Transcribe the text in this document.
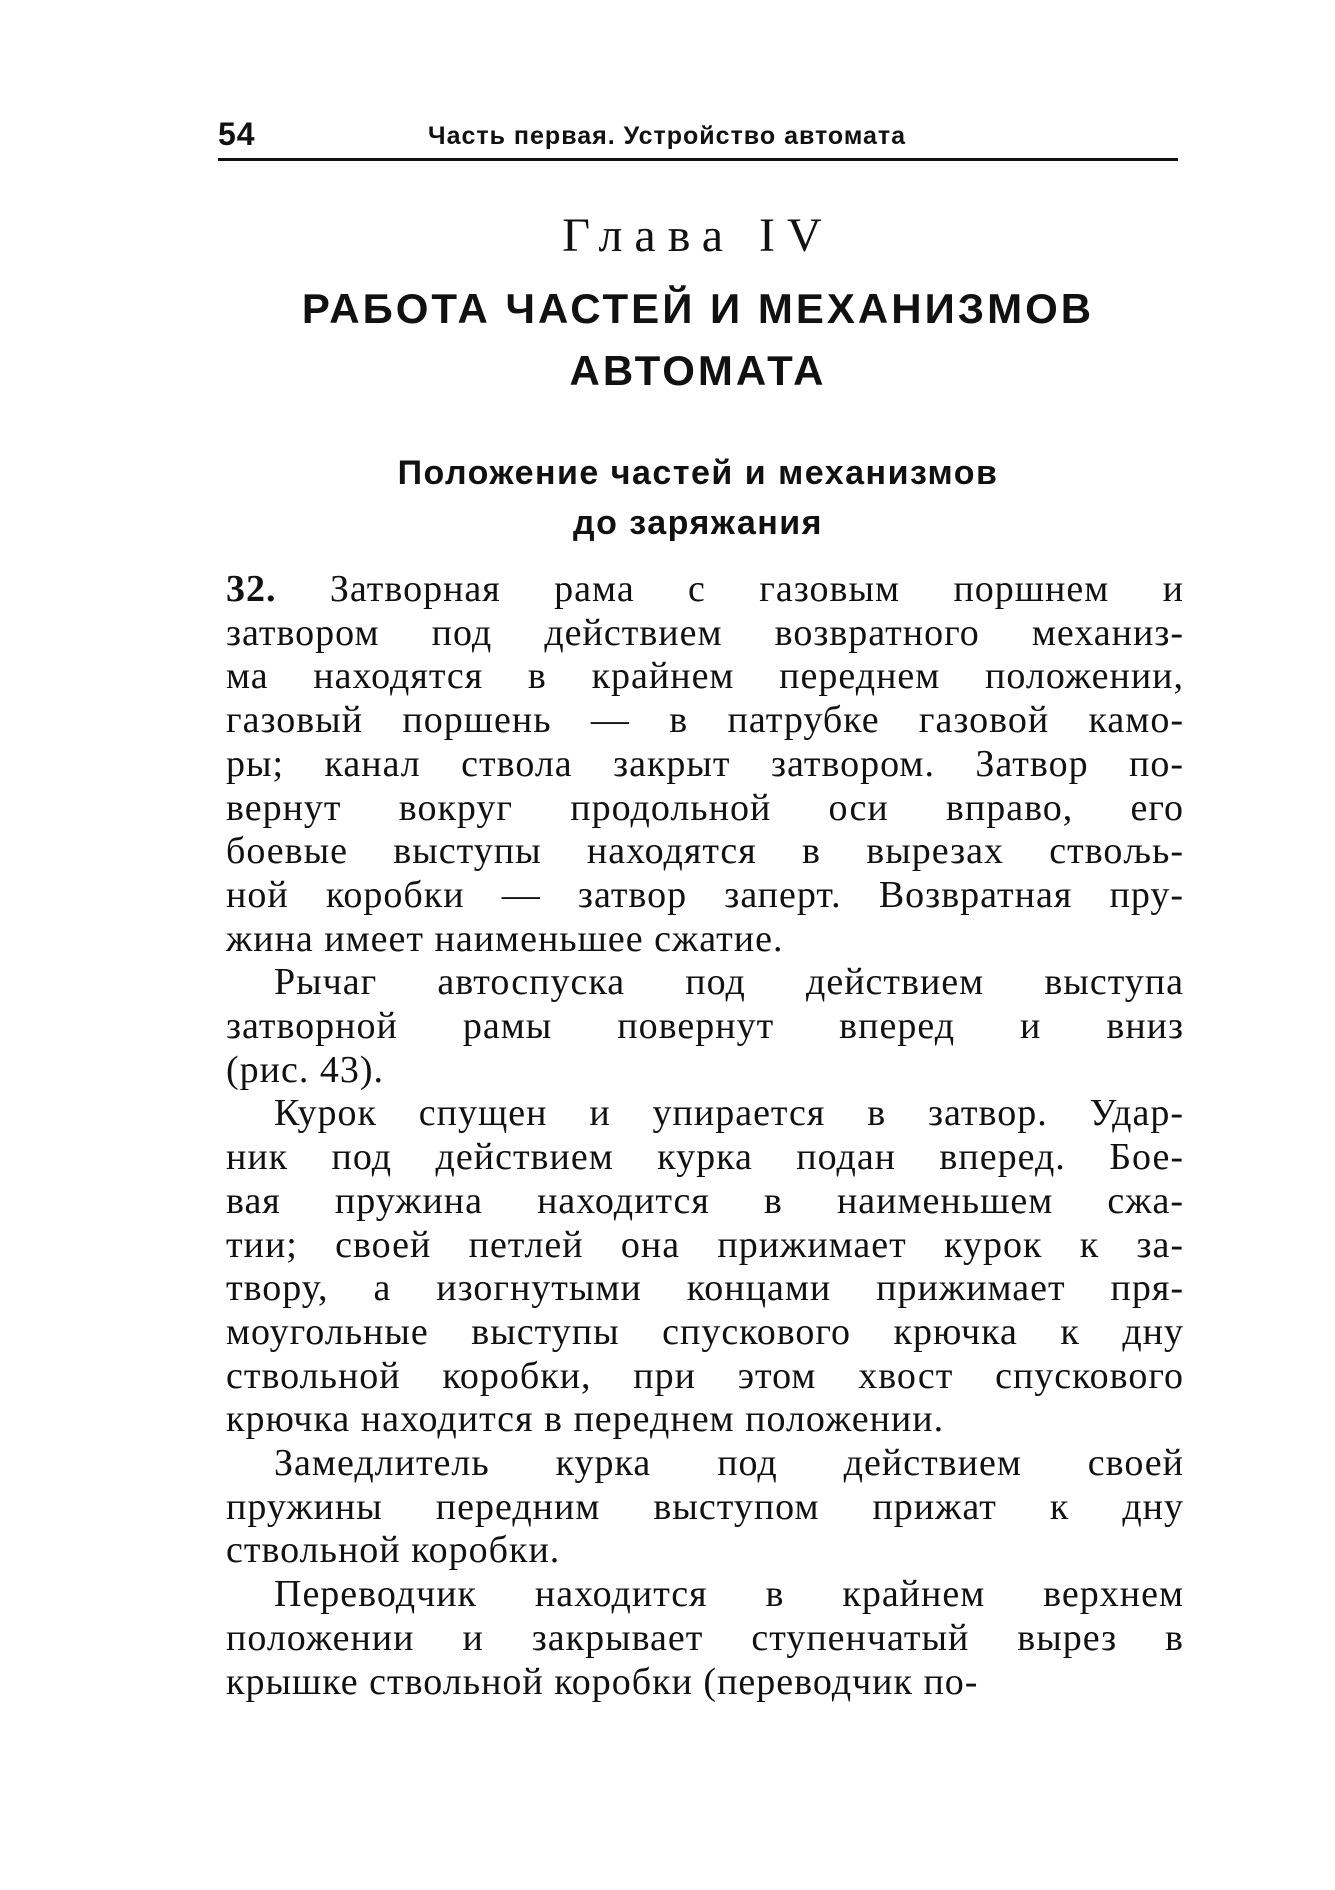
54	Часть первая. Устройство автомата
Глава IV
РАБОТА ЧАСТЕЙ И МЕХАНИЗМОВ
АВТОМАТА
Положение частей и механизмов
до заряжания
32. Затворная рама с газовым поршнем и
затвором под действием возвратного механиз-
ма находятся в крайнем переднем положении,
газовый поршень — в патрубке газовой камо-
ры; канал ствола закрыт затвором. Затвор по-
вернут вокруг продольной оси вправо, его
боевые выступы находятся в вырезах ствољь-
ной коробки — затвор заперт. Возвратная пру-
жина имеет наименьшее сжатие.
Рычаг автоспуска под действием выступа
затворной рамы повернут вперед и вниз
(рис. 43).
Курок спущен и упирается в затвор. Удар-
ник под действием курка подан вперед. Бое-
вая пружина находится в наименьшем сжа-
тии; своей петлей она прижимает курок к за-
твору, а изогнутыми концами прижимает пря-
моугольные выступы спускового крючка к дну
ствольной коробки, при этом хвост спускового
крючка находится в переднем положении.
Замедлитель курка под действием своей
пружины передним выступом прижат к дну
ствольной коробки.
Переводчик находится в крайнем верхнем
положении и закрывает ступенчатый вырез в
крышке ствольной коробки (переводчик по-
